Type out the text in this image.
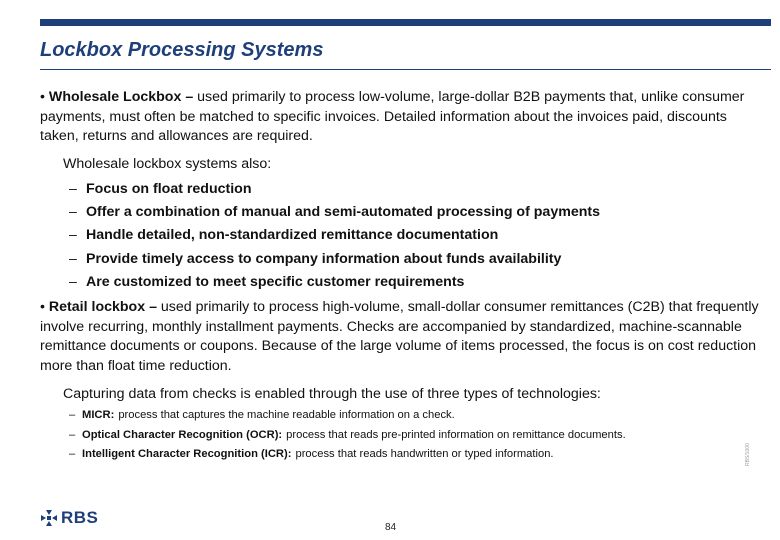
Lockbox Processing Systems
• Wholesale Lockbox – used primarily to process low-volume, large-dollar B2B payments that, unlike consumer payments, must often be matched to specific invoices. Detailed information about the invoices paid, discounts taken, returns and allowances are required.
Wholesale lockbox systems also:
– Focus on float reduction
– Offer a combination of manual and semi-automated processing of payments
– Handle detailed, non-standardized remittance documentation
– Provide timely access to company information about funds availability
– Are customized to meet specific customer requirements
• Retail lockbox – used primarily to process high-volume, small-dollar consumer remittances (C2B) that frequently involve recurring, monthly installment payments. Checks are accompanied by standardized, machine-scannable remittance documents or coupons. Because of the large volume of items processed, the focus is on cost reduction more than float time reduction.
Capturing data from checks is enabled through the use of three types of technologies:
– MICR: process that captures the machine readable information on a check.
– Optical Character Recognition (OCR): process that reads pre-printed information on remittance documents.
– Intelligent Character Recognition (ICR): process that reads handwritten or typed information.	RBS/1000
RBS
84
